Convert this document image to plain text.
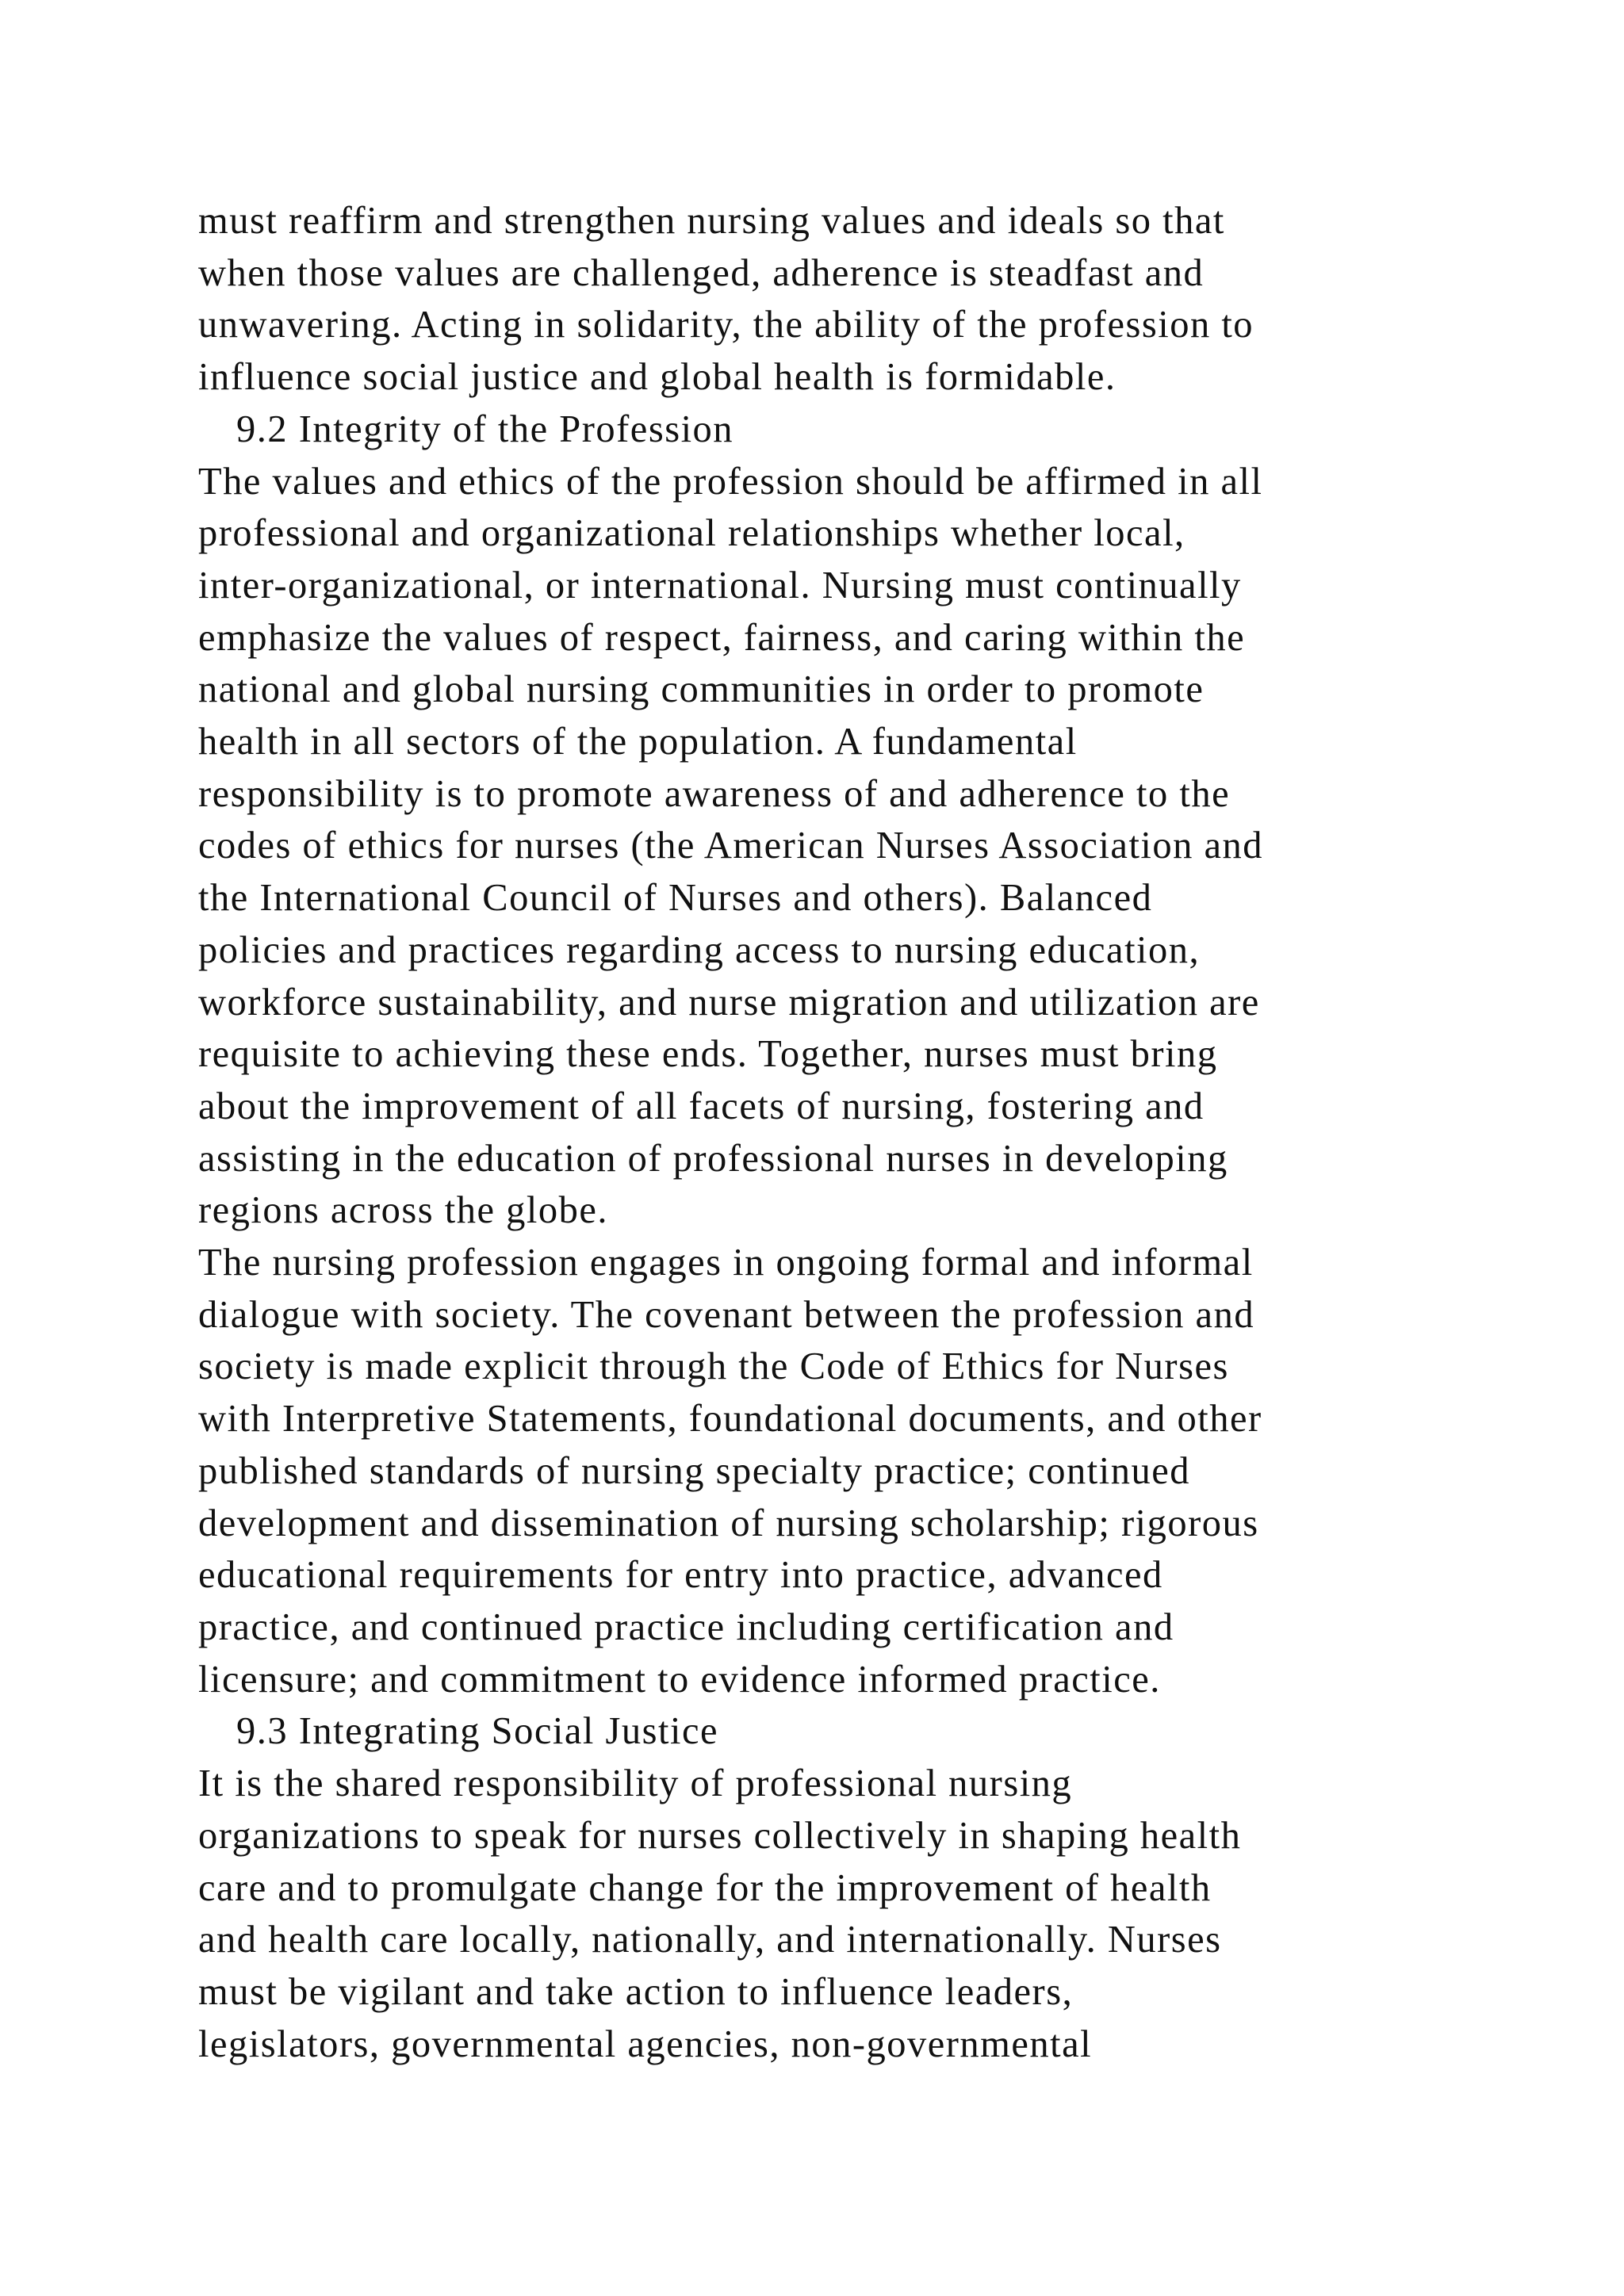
must reaffirm and strengthen nursing values and ideals so that
when those values are challenged, adherence is steadfast and
unwavering. Acting in solidarity, the ability of the profession to
influence social justice and global health is formidable.
9.2 Integrity of the Profession
The values and ethics of the profession should be affirmed in all
professional and organizational relationships whether local,
inter-organizational, or international. Nursing must continually
emphasize the values of respect, fairness, and caring within the
national and global nursing communities in order to promote
health in all sectors of the population. A fundamental
responsibility is to promote awareness of and adherence to the
codes of ethics for nurses (the American Nurses Association and
the International Council of Nurses and others). Balanced
policies and practices regarding access to nursing education,
workforce sustainability, and nurse migration and utilization are
requisite to achieving these ends. Together, nurses must bring
about the improvement of all facets of nursing, fostering and
assisting in the education of professional nurses in developing
regions across the globe.
The nursing profession engages in ongoing formal and informal
dialogue with society. The covenant between the profession and
society is made explicit through the Code of Ethics for Nurses
with Interpretive Statements, foundational documents, and other
published standards of nursing specialty practice; continued
development and dissemination of nursing scholarship; rigorous
educational requirements for entry into practice, advanced
practice, and continued practice including certification and
licensure; and commitment to evidence informed practice.
9.3 Integrating Social Justice
It is the shared responsibility of professional nursing
organizations to speak for nurses collectively in shaping health
care and to promulgate change for the improvement of health
and health care locally, nationally, and internationally. Nurses
must be vigilant and take action to influence leaders,
legislators, governmental agencies, non-governmental
